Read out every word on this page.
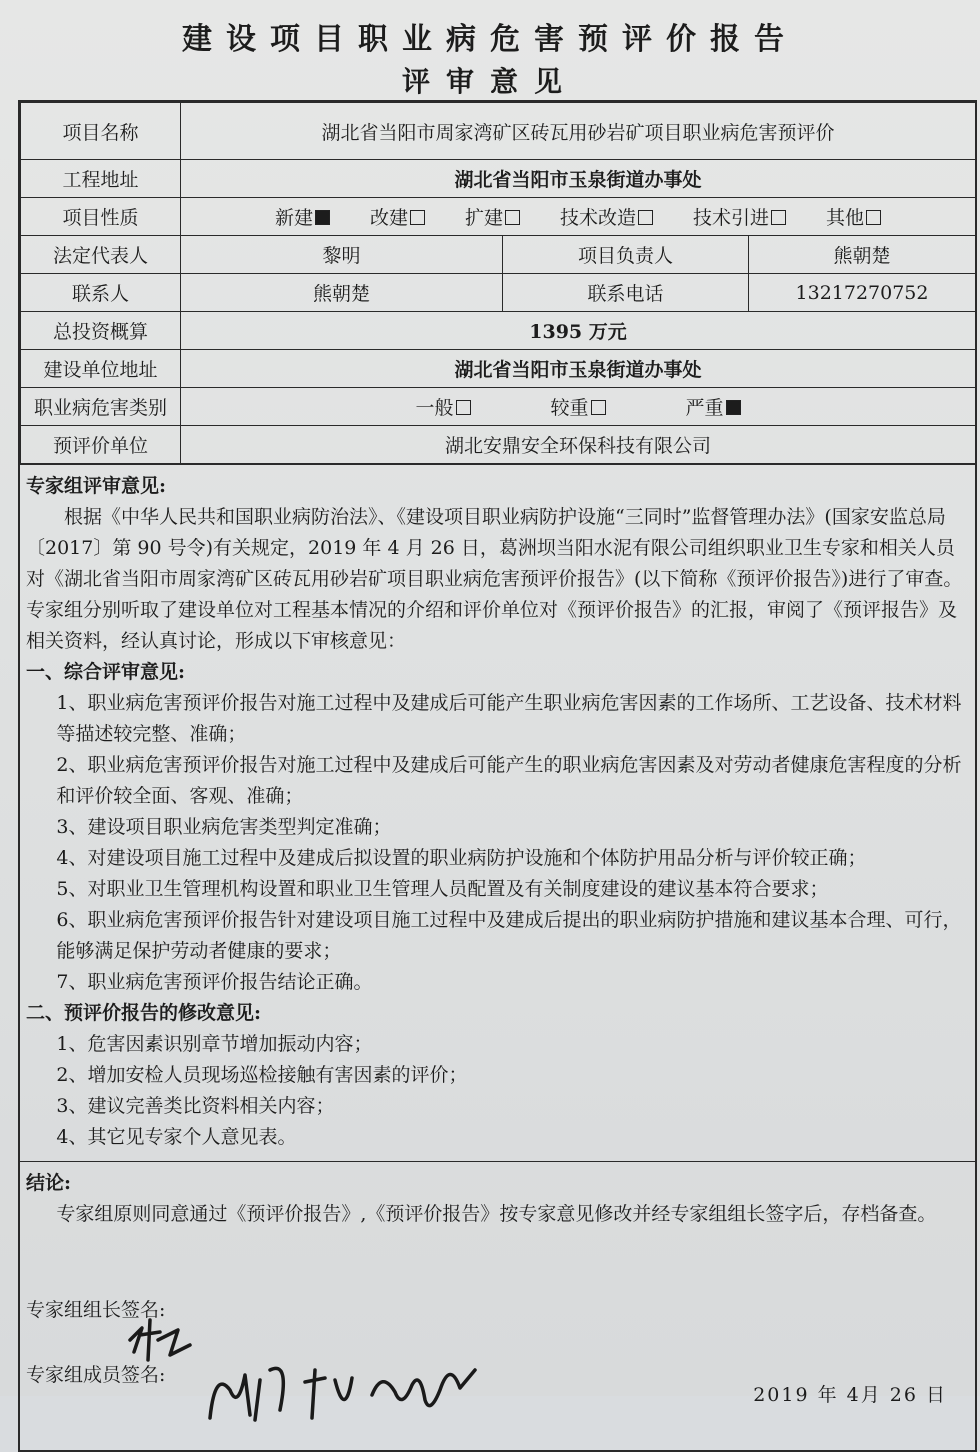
建设项目职业病危害预评价报告
评审意见
项目名称	湖北省当阳市周家湾矿区砖瓦用砂岩矿项目职业病危害预评价		
工程地址	湖北省当阳市玉泉街道办事处		
项目性质	新建 改建 扩建 技术改造 技术引进 其他		
法定代表人	黎明	项目负责人	熊朝楚
联系人	熊朝楚	联系电话	13217270752
总投资概算	1395 万元		
建设单位地址	湖北省当阳市玉泉街道办事处		
职业病危害类别	一般 较重 严重		
预评价单位	湖北安鼎安全环保科技有限公司		
专家组评审意见:
根据《中华人民共和国职业病防治法》、《建设项目职业病防护设施“三同时”监督管理办法》(国家安监总局〔2017〕第 90 号令)有关规定，2019 年 4 月 26 日，葛洲坝当阳水泥有限公司组织职业卫生专家和相关人员对《湖北省当阳市周家湾矿区砖瓦用砂岩矿项目职业病危害预评价报告》(以下简称《预评价报告》)进行了审查。专家组分别听取了建设单位对工程基本情况的介绍和评价单位对《预评价报告》的汇报，审阅了《预评报告》及相关资料，经认真讨论，形成以下审核意见：
一、综合评审意见:
1、职业病危害预评价报告对施工过程中及建成后可能产生职业病危害因素的工作场所、工艺设备、技术材料等描述较完整、准确；
2、职业病危害预评价报告对施工过程中及建成后可能产生的职业病危害因素及对劳动者健康危害程度的分析和评价较全面、客观、准确；
3、建设项目职业病危害类型判定准确；
4、对建设项目施工过程中及建成后拟设置的职业病防护设施和个体防护用品分析与评价较正确；
5、对职业卫生管理机构设置和职业卫生管理人员配置及有关制度建设的建议基本符合要求；
6、职业病危害预评价报告针对建设项目施工过程中及建成后提出的职业病防护措施和建议基本合理、可行，能够满足保护劳动者健康的要求；
7、职业病危害预评价报告结论正确。
二、预评价报告的修改意见:
1、危害因素识别章节增加振动内容；
2、增加安检人员现场巡检接触有害因素的评价；
3、建议完善类比资料相关内容；
4、其它见专家个人意见表。
结论:
专家组原则同意通过《预评价报告》,《预评价报告》按专家意见修改并经专家组组长签字后，存档备查。
专家组组长签名:
专家组成员签名:
2019 年 4月 26 日
